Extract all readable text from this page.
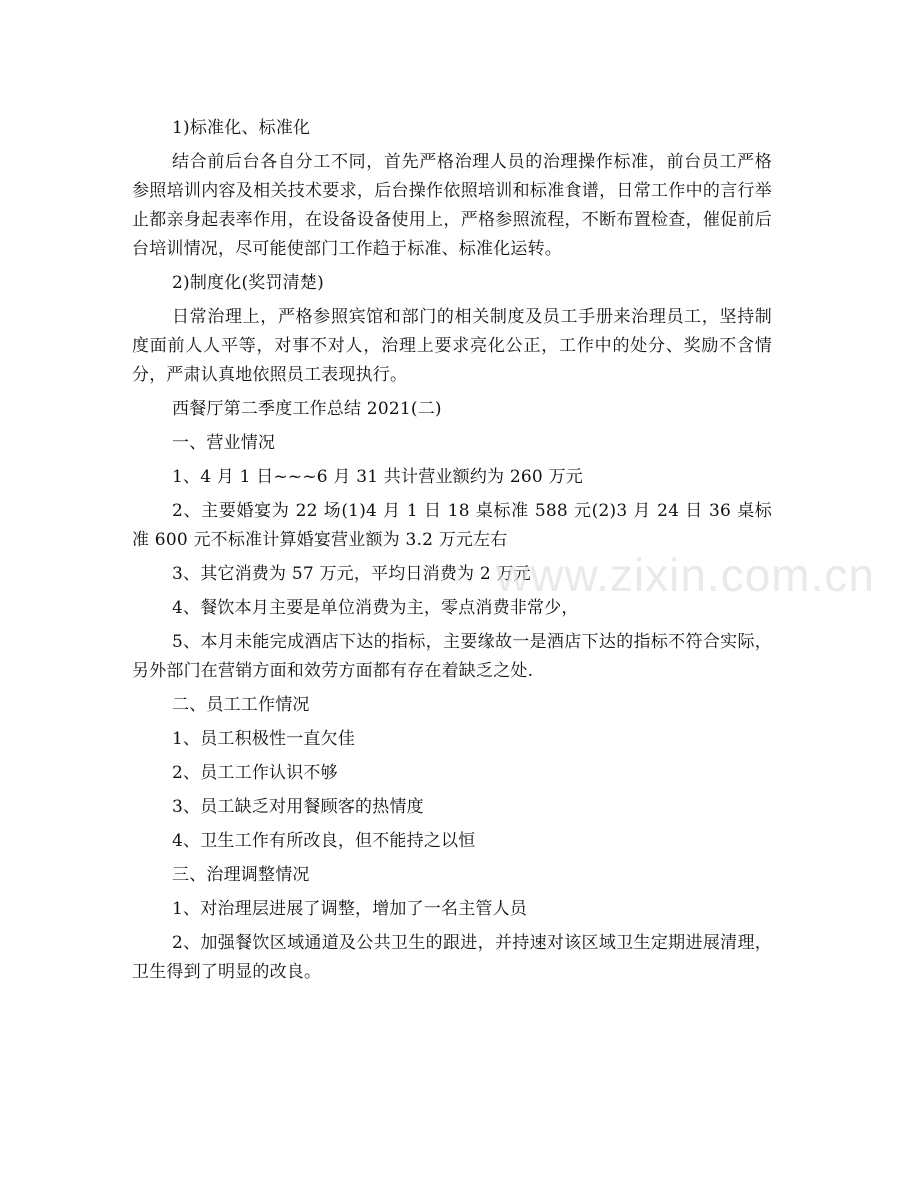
1)标准化、标准化

结合前后台各自分工不同，首先严格治理人员的治理操作标准，前台员工严格参照培训内容及相关技术要求，后台操作依照培训和标准食谱，日常工作中的言行举止都亲身起表率作用，在设备设备使用上，严格参照流程，不断布置检查，催促前后台培训情况，尽可能使部门工作趋于标准、标准化运转。

2)制度化(奖罚清楚)

日常治理上，严格参照宾馆和部门的相关制度及员工手册来治理员工，坚持制度面前人人平等，对事不对人，治理上要求亮化公正，工作中的处分、奖励不含情分，严肃认真地依照员工表现执行。

西餐厅第二季度工作总结 2021(二)

一、营业情况

1、4 月 1 日~~~6 月 31 共计营业额约为 260 万元

2、主要婚宴为 22 场(1)4 月 1 日 18 桌标准 588 元(2)3 月 24 日 36 桌标准 600 元不标准计算婚宴营业额为 3.2 万元左右

3、其它消费为 57 万元，平均日消费为 2 万元

4、餐饮本月主要是单位消费为主，零点消费非常少，

5、本月未能完成酒店下达的指标，主要缘故一是酒店下达的指标不符合实际，另外部门在营销方面和效劳方面都有存在着缺乏之处.

二、员工工作情况

1、员工积极性一直欠佳

2、员工工作认识不够

3、员工缺乏对用餐顾客的热情度

4、卫生工作有所改良，但不能持之以恒

三、治理调整情况

1、对治理层进展了调整，增加了一名主管人员

2、加强餐饮区域通道及公共卫生的跟进，并持速对该区域卫生定期进展清理，卫生得到了明显的改良。

www.zixin.com.cn
